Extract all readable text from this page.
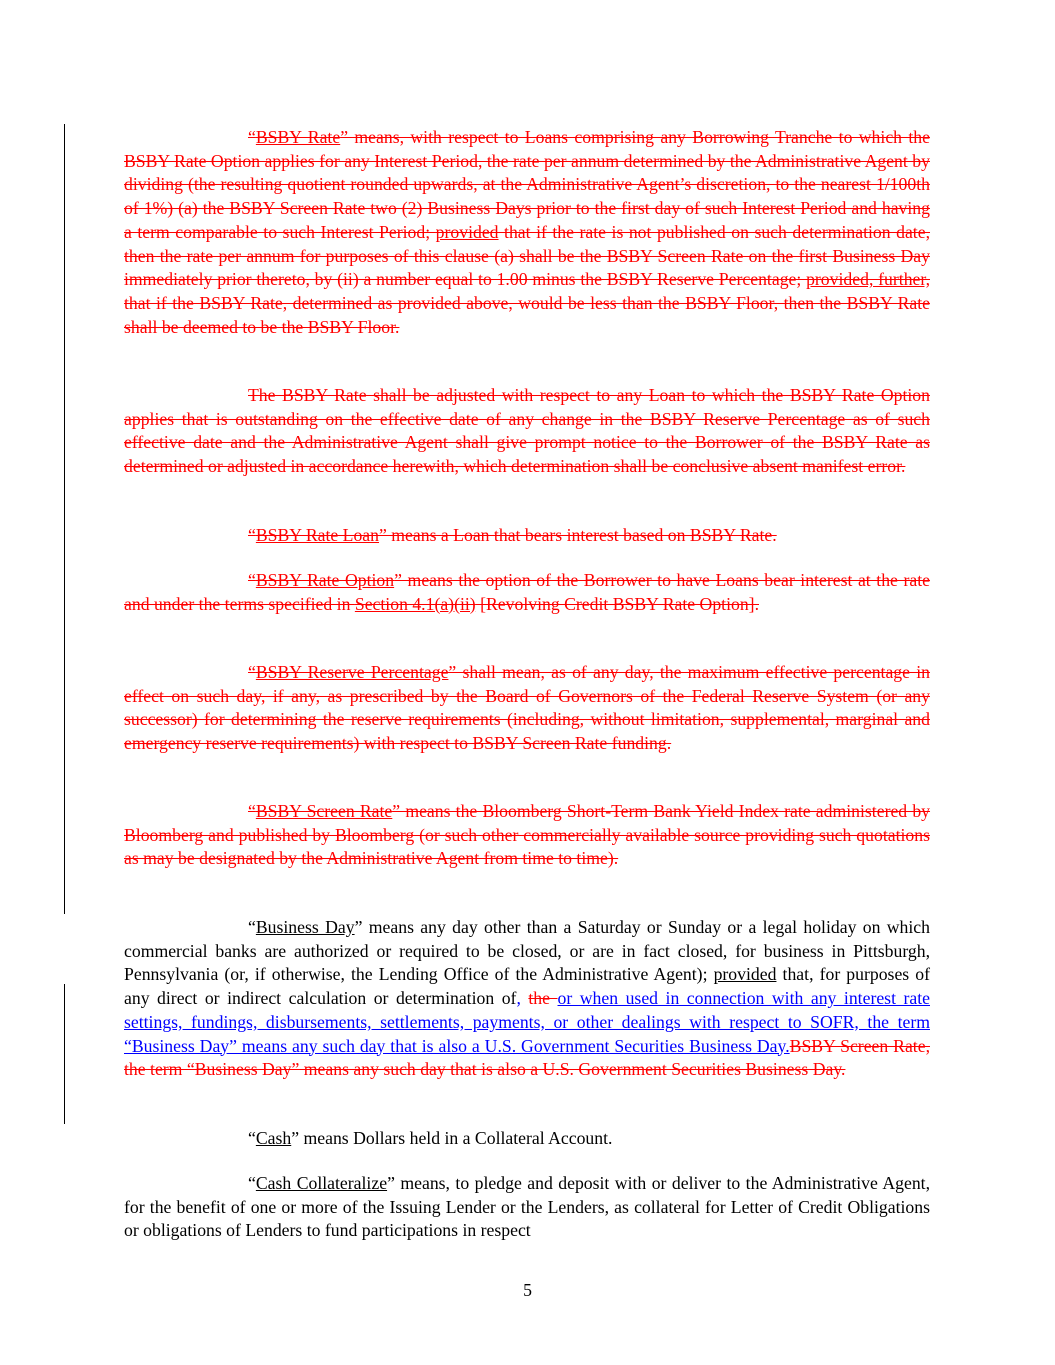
“BSBY Rate” means, with respect to Loans comprising any Borrowing Tranche to which the BSBY Rate Option applies for any Interest Period, the rate per annum determined by the Administrative Agent by dividing (the resulting quotient rounded upwards, at the Administrative Agent’s discretion, to the nearest 1/100th of 1%) (a) the BSBY Screen Rate two (2) Business Days prior to the first day of such Interest Period and having a term comparable to such Interest Period; provided that if the rate is not published on such determination date, then the rate per annum for purposes of this clause (a) shall be the BSBY Screen Rate on the first Business Day immediately prior thereto, by (ii) a number equal to 1.00 minus the BSBY Reserve Percentage; provided, further, that if the BSBY Rate, determined as provided above, would be less than the BSBY Floor, then the BSBY Rate shall be deemed to be the BSBY Floor.

The BSBY Rate shall be adjusted with respect to any Loan to which the BSBY Rate Option applies that is outstanding on the effective date of any change in the BSBY Reserve Percentage as of such effective date and the Administrative Agent shall give prompt notice to the Borrower of the BSBY Rate as determined or adjusted in accordance herewith, which determination shall be conclusive absent manifest error.

“BSBY Rate Loan” means a Loan that bears interest based on BSBY Rate.

“BSBY Rate Option” means the option of the Borrower to have Loans bear interest at the rate and under the terms specified in Section 4.1(a)(ii) [Revolving Credit BSBY Rate Option].

“BSBY Reserve Percentage” shall mean, as of any day, the maximum effective percentage in effect on such day, if any, as prescribed by the Board of Governors of the Federal Reserve System (or any successor) for determining the reserve requirements (including, without limitation, supplemental, marginal and emergency reserve requirements) with respect to BSBY Screen Rate funding.

“BSBY Screen Rate” means the Bloomberg Short-Term Bank Yield Index rate administered by Bloomberg and published by Bloomberg (or such other commercially available source providing such quotations as may be designated by the Administrative Agent from time to time).

“Business Day” means any day other than a Saturday or Sunday or a legal holiday on which commercial banks are authorized or required to be closed, or are in fact closed, for business in Pittsburgh, Pennsylvania (or, if otherwise, the Lending Office of the Administrative Agent); provided that, for purposes of any direct or indirect calculation or determination of, the or when used in connection with any interest rate settings, fundings, disbursements, settlements, payments, or other dealings with respect to SOFR, the term “Business Day” means any such day that is also a U.S. Government Securities Business Day.BSBY Screen Rate, the term “Business Day” means any such day that is also a U.S. Government Securities Business Day.

“Cash” means Dollars held in a Collateral Account.

“Cash Collateralize” means, to pledge and deposit with or deliver to the Administrative Agent, for the benefit of one or more of the Issuing Lender or the Lenders, as collateral for Letter of Credit Obligations or obligations of Lenders to fund participations in respect

5
